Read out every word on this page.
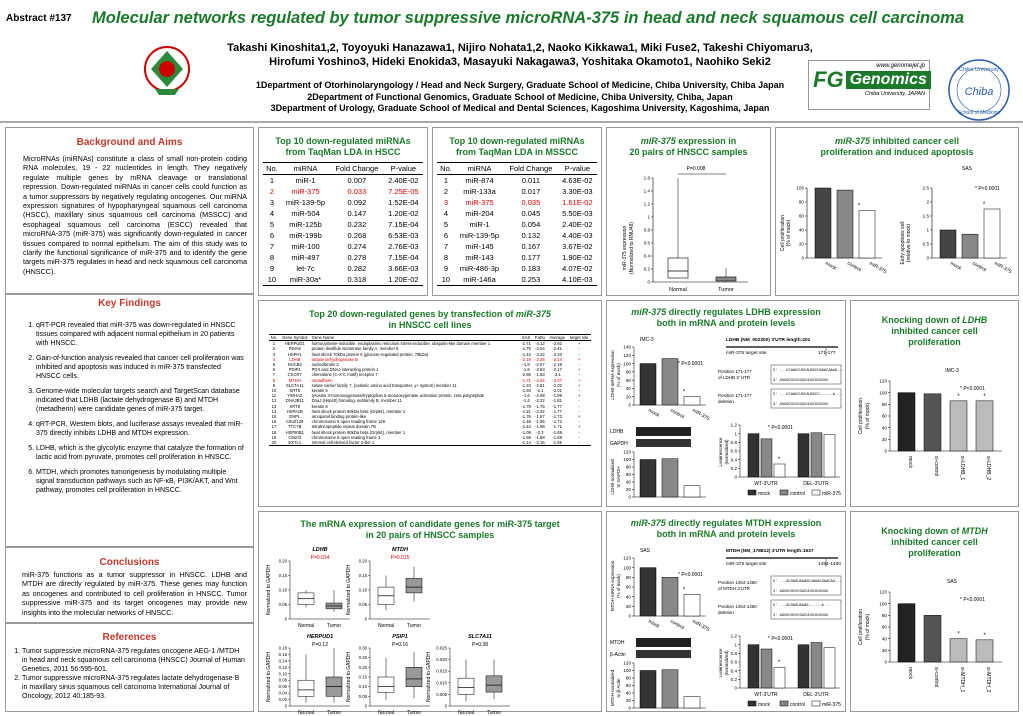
Abstract #137 Molecular networks regulated by tumor suppressive microRNA-375 in head and neck squamous cell carcinoma
Takashi Kinoshita1,2, Toyoyuki Hanazawa1, Nijiro Nohata1,2, Naoko Kikkawa1, Miki Fuse2, Takeshi Chiyomaru3,
Hirofumi Yoshino3, Hideki Enokida3, Masayuki Nakagawa3, Yoshitaka Okamoto1, Naohiko Seki2
1Department of Otorhinolaryngology / Head and Neck Surgery, Graduate School of Medicine, Chiba University, Chiba Japan
2Department of Functional Genomics, Graduate School of Medicine, Chiba University, Chiba, Japan
3Department of Urology, Graduate School of Medical and Dental Sciences, Kagoshima University, Kagoshima, Japan
www.genomejet.jp
FG Genomics
Chiba University, JAPAN
Chiba University
School of Medicine
Chiba
Background and Aims
MicroRNAs (miRNAs) constitute a class of small non-protein coding RNA molecules, 19 - 22 nucleotides in length. They negatively regulate multiple genes by mRNA cleavage or translational repression. Down-regulated miRNAs in cancer cells could function as a tumor suppressors by negatively regulating oncogenes. Our miRNA expression signatures of hypopharyngeal squamous cell carcinoma (HSCC), maxillary sinus squamous cell carcinoma (MSSCC) and esophageal squamous cell carcinoma (ESCC) revealed that microRNA-375 (miR-375) was significantly down-regulated in cancer tissues compared to normal epithelium. The aim of this study was to clarify the functional significance of miR-375 and to identify the gene targets miR-375 regulates in head and neck squamous cell carcinoma (HNSCC).
Key Findings
1. qRT-PCR revealed that miR-375 was down-regulated in HNSCC tissues compared with adjacent normal epithelium in 20 patients with HNSCC.
2. Gain-of-function analysis revealed that cancer cell proliferation was inhibited and apoptosis was induced in miR-375 transfected HNSCC cells.
3. Genome-wide molecular targets search and TargetScan database indicated that LDHB (lactate dehydrogenase B) and MTDH (metadherin) were candidate genes of miR-375 target.
4. qRT-PCR, Western blots, and luciferase assays revealed that miR-375 directly inhibits LDHB and MTDH expression.
5. LDHB, which is the glycolytic enzyme that catalyze the formation of lactic acid from pyruvate, promotes cell proliferation in HNSCC.
6. MTDH, which promotes tumorigenesis by modulating multiple signal transduction pathways such as NF-κB, PI3K/AKT, and Wnt pathway, promotes cell proliferation in HNSCC.
Conclusions
miR-375 functions as a tumor suppressor in HNSCC. LDHB and MTDH are directly regulated by miR-375. These genes may function as oncogenes and contributed to cell proliferation in HNSCC. Tumor suppressive miR-375 and its target oncogenes may provide new insights into the molecular networks of HNSCC.
References
1. Tumor suppressive microRNA-375 regulates oncogene AEG-1 /MTDH in head and neck squamous cell carcinoma (HNSCC) Journal of Human Genetics, 2011 56:595-601.
2. Tumor suppressive microRNA-375 regulates lactate dehydrogenase B in maxillary sinus squamous cell carcinoma International Journal of Oncology, 2012 40:185-93.
Top 10 down-regulated miRNAs
from TaqMan LDA in HSCC
No.	miRNA	Fold Change	P-value
1	miR-1	0.007	2.40E-02
2	miR-375	0.033	7.25E-05
3	miR-139-5p	0.092	1.52E-04
4	miR-504	0.147	1.20E-02
5	miR-125b	0.232	7.15E-04
6	miR-199b	0.268	6.53E-03
7	miR-100	0.274	2.76E-03
8	miR-497	0.278	7.15E-04
9	let-7c	0.282	3.66E-03
10	miR-30a*	0.318	1.20E-02
Top 10 down-regulated miRNAs
from TaqMan LDA in MSSCC
No.	miRNA	Fold Change	P-value
1	miR-874	0.011	4.63E-02
2	miR-133a	0.017	3.30E-03
3	miR-375	0.035	1.61E-02
4	miR-204	0.045	5.50E-03
5	miR-1	0.054	2.40E-02
6	miR-139-5p	0.132	4.40E-03
7	miR-145	0.167	3.67E-02
8	miR-143	0.177	1.90E-02
9	miR-486-3p	0.183	4.07E-02
10	miR-146a	0.253	4.10E-03
miR-375 expression in
20 pairs of HNSCC samples
P=0.008
miR-375 expression (Normalized to RNU48)
0
0.2
0.4
0.6
0.8
1
1.2
1.4
1.6
Normal	Tumor
miR-375 inhibited cancer cell
proliferation and induced apoptosis
SAS
Cell proliferation (% of mock)
0
20
40
60
80
100
mock control miR-375
*
Early apoptosis cell (relative to mock)
* P<0.0001
0
0.5
1
1.5
2
2.5
mock control miR-375
*
Top 20 down-regulated genes by transfection of miR-375
in HNSCC cell lines
No.	Gene Symbol	Gene Name	SAS	FaDu	Average	target site
1	HERPUD1	homocysteine-inducible, endoplasmic reticulum stress-inducible, ubiquitin-like domain member 1	-1.71	-4.12	-2.92	+
2	PDIA6	protein disulfide isomerase family A, member 6	-1.79	-3.04	-2.41	-
3	HSPH1	heat shock 70kDa protein 5 (glucose-regulated protein, 78kDa)	-1.44	-3.22	-2.33	-
4	LDHB	lactate dehydrogenase B	-2.19	-2.28	-2.24	+
5	NUCB2	nucleobindin 2	-1.8	-2.57	-2.18	-
6	PDIP1	PDX and DNAJ interacting protein 1	-1.8	-2.53	-2.17	+
7	CXCR7	chemokine (C-X-C motif) receptor 7	-2.56	-1.63	-2.1	-
8	MTDH	metadherin	-1.71	-2.44	-2.07	+
9	SLC7A11	solute carrier family 7, (cationic amino acid transporter, y+ system) member 11	-1.23	-2.81	-2.02	+
10	KRT5	keratin 5	-1.93	-2.1	-2.01	-
11	YWHAZ	tyrosine 3-monooxygenase/tryptophan 5-monooxygenase activation protein, zeta polypeptide	-1.6	-2.08	-1.99	+
12	DNAJB11	DnaJ (Hsp40) homolog, subfamily B, member 11	-1.4	-2.22	-1.81	-
13	KRT8	keratin 8	-1.78	-1.76	-1.77	-
14	HSPA1B	heat shock protein 90kDa beta (Grp94), member 1	-1.21	-2.32	-1.77	-
15	ENPL	amopamil binding protein-like	-1.76	-1.67	-1.73	+
16	C6orf129	chromosome 6 open reading frame 129	-1.48	-1.95	-1.72	-
17	TTC7B	tetratricopeptide repeat domain 7B	-1.44	-1.98	-1.71	+
18	HSP90B1	heat shock protein 90kDa beta (Grp94), member 1	-1.09	-2.3	-1.69	-
19	C6orf3	chromosome 6 open reading frame 3	-1.69	-1.68	-1.69	-
20	EXTL1	stromal cell-derived factor 2-like 1	-1.14	-2.15	-1.65	-
The mRNA expression of candidate genes for miR-375 target
in 20 pairs of HNSCC samples
LDHB
P=0.014
0
0.05
0.10
0.15
0.20
Normalized to GAPDH
Normal	Tumor
MTDH
P=0.015
0
0.05
0.10
0.15
0.20
Normalized to GAPDH
Normal	Tumor
HERPUD1
P=0.12
0
0.02
0.04
0.06
0.08
0.10
0.12
0.14
0.16
0.18
Normalized to GAPDH
Normal	Tumor
PSIP1
P=0.16
0
0.05
0.10
0.15
0.20
0.25
0.30
Normalized to GAPDH
Normal	Tumor
SLC7A11
P=0.38
0
0.005
0.010
0.015
0.020
0.025
Normalized to GAPDH
Normal	Tumor
miR-375 directly regulates LDHB expression
both in mRNA and protein levels
IMC-3
LDHB mRNA expression (% of mock)
0
20
40
60
80
100
120
140
mock control miR-375
*
* P<0.0001
LDHB
GAPDH
LDHB normalized to GAPDH
0
20
40
60
80
100
120
LDHB (NM_002300) 3'UTR length:201
miR-375 target site	171-177
Position 171-177
of LDHB 3' UTR
5' ...UCAAUCUGCAUGUCUGAACAAAG...
3' AGUGCGCUCGGCUUGCUUGUUU
Position 171-177
deletion
5' ...UCAAUCUGCAUGUCU------A...
3' AGUGCGCUCGGCUUGCUUGUUU
Luminescence (normalized)
0
0.2
0.4
0.6
0.8
1
1.2	* P<0.0001
WT-3'UTR	DEL-3'UTR
*
mock	control	miR-375
miR-375 directly regulates MTDH expression
both in mRNA and protein levels
SAS
MTDH mRNA expression (% of mock)
0
20
40
60
80
100
120
mock control miR-375
*
* P<0.0001
MTDH
β-Actin
MTDH normalized to β-Actin
0
20
40
60
80
100
120
MTDH (NM_178812) 3'UTR length:1637
miR-375 target site	1454-1460
Position 1454-1460
of MTDH 3'UTR
5' ...ACUAGUAAAGCUAAACGAACAA...
3' AGUGCGCUCGGCUUGCUUGUUU
Position 1454-1460
deletion
5' ...ACUAGUAAAG------A...
3' AGUGCGCUCGGCUUGCUUGUUU
Luminescence (normalized)
0
0.2
0.4
0.6
0.8
1
1.2	* P<0.0001
WT-3'UTR	DEL-3'UTR
*
mock	control	miR-375
Knocking down of LDHB
inhibited cancer cell
proliferation
IMC-3
Cell proliferation (% of mock)
0
20
40
60
80
100
120
* P<0.0001
mock	si-control	si-LDHB_1
*
si-LDHB_2
*
Knocking down of MTDH
inhibited cancer cell
proliferation
SAS
Cell proliferation (% of mock)
0
20
40
60
80
100
120
* P<0.0001
mock	si-control	si-MTDH_1
*
si-MTDH_2
*
